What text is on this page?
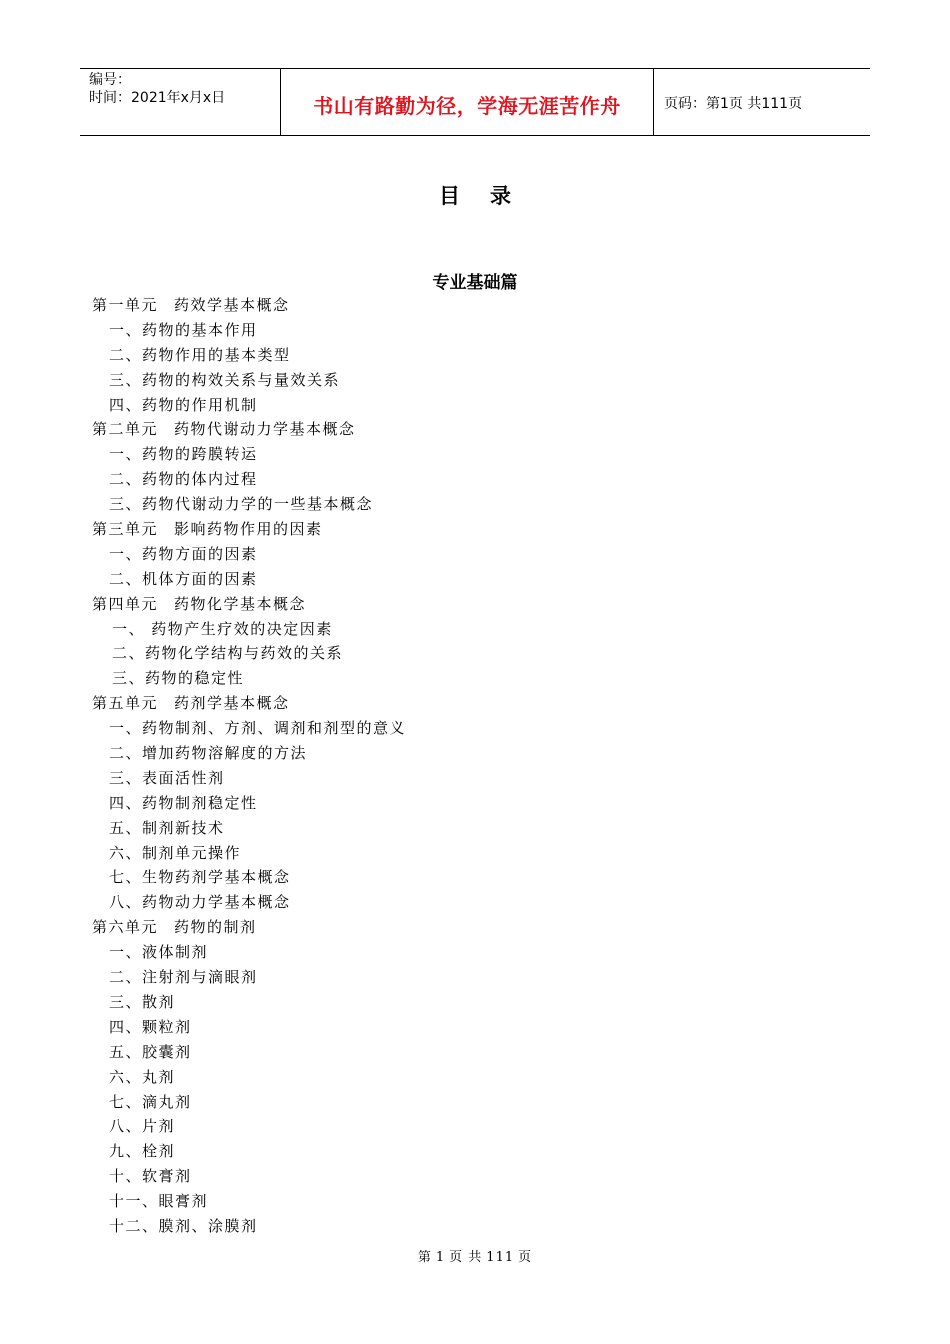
编号：
时间：2021年x月x日	书山有路勤为径，学海无涯苦作舟	页码：第1页 共111页
目 录
专业基础篇
第一单元 药效学基本概念
一、药物的基本作用
二、药物作用的基本类型
三、药物的构效关系与量效关系
四、药物的作用机制
第二单元 药物代谢动力学基本概念
一、药物的跨膜转运
二、药物的体内过程
三、药物代谢动力学的一些基本概念
第三单元 影响药物作用的因素
一、药物方面的因素
二、机体方面的因素
第四单元 药物化学基本概念
一、 药物产生疗效的决定因素
二、药物化学结构与药效的关系
三、药物的稳定性
第五单元 药剂学基本概念
一、药物制剂、方剂、调剂和剂型的意义
二、增加药物溶解度的方法
三、表面活性剂
四、药物制剂稳定性
五、制剂新技术
六、制剂单元操作
七、生物药剂学基本概念
八、药物动力学基本概念
第六单元 药物的制剂
一、液体制剂
二、注射剂与滴眼剂
三、散剂
四、颗粒剂
五、胶囊剂
六、丸剂
七、滴丸剂
八、片剂
九、栓剂
十、软膏剂
十一、眼膏剂
十二、膜剂、涂膜剂
第 1 页 共 111 页
